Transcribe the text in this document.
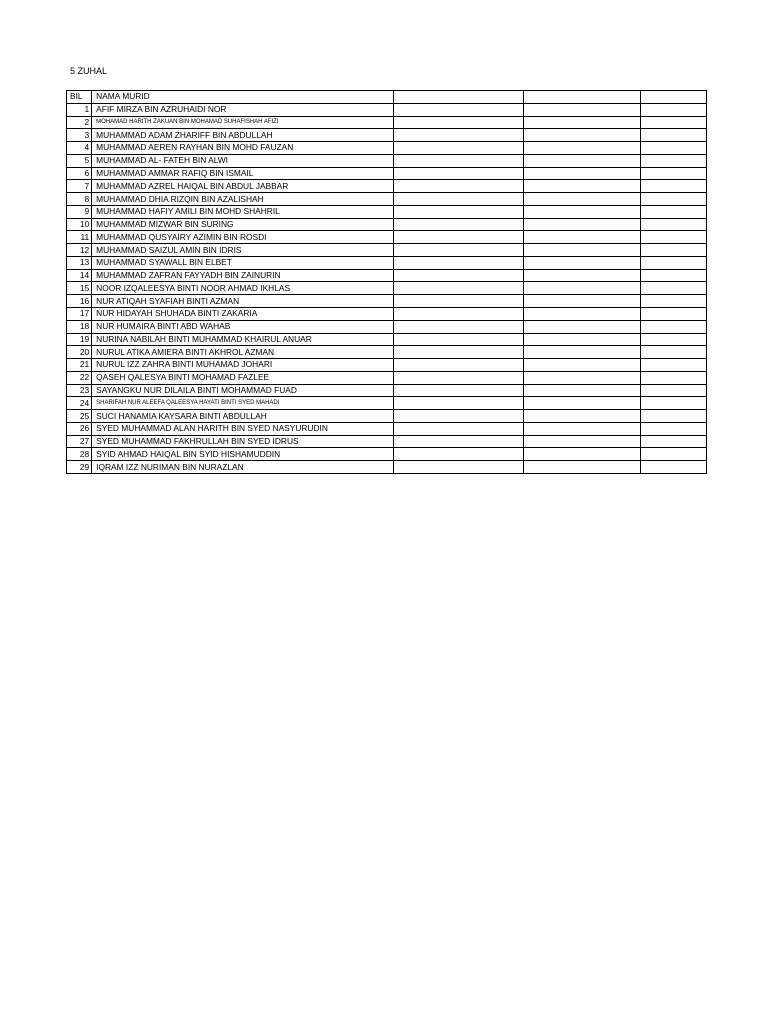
5 ZUHAL
BIL	NAMA MURID			
1	AFIF MIRZA BIN AZRUHAIDI NOR			
2	MOHAMAD HARITH ZAKUAN BIN MOHAMAD SUHAFISHAH AFIZI			
3	MUHAMMAD ADAM ZHARIFF BIN ABDULLAH			
4	MUHAMMAD AEREN RAYHAN BIN MOHD FAUZAN			
5	MUHAMMAD AL- FATEH BIN ALWI			
6	MUHAMMAD AMMAR RAFIQ BIN ISMAIL			
7	MUHAMMAD AZREL HAIQAL BIN ABDUL JABBAR			
8	MUHAMMAD DHIA RIZQIN BIN AZALISHAH			
9	MUHAMMAD HAFIY AMILI BIN MOHD SHAHRIL			
10	MUHAMMAD MIZWAR BIN SURING			
11	MUHAMMAD QUSYAIRY AZIMIN BIN ROSDI			
12	MUHAMMAD SAIZUL AMIN BIN IDRIS			
13	MUHAMMAD SYAWALL BIN ELBET			
14	MUHAMMAD ZAFRAN FAYYADH BIN ZAINURIN			
15	NOOR IZQALEESYA BINTI NOOR AHMAD IKHLAS			
16	NUR ATIQAH SYAFIAH BINTI AZMAN			
17	NUR HIDAYAH SHUHADA BINTI ZAKARIA			
18	NUR HUMAIRA BINTI ABD WAHAB			
19	NURINA NABILAH BINTI MUHAMMAD KHAIRUL ANUAR			
20	NURUL ATIKA AMIERA BINTI AKHROL AZMAN			
21	NURUL IZZ ZAHRA BINTI MUHAMAD JOHARI			
22	QASEH QALESYA BINTI MOHAMAD FAZLEE			
23	SAYANGKU NUR DILAILA BINTI MOHAMMAD FUAD			
24	SHARIFAH NUR ALEEFA QALEESYA HAYATI BINTI SYED MAHADI			
25	SUCI HANAMIA KAYSARA BINTI ABDULLAH			
26	SYED MUHAMMAD ALAN HARITH BIN SYED NASYURUDIN			
27	SYED MUHAMMAD FAKHRULLAH BIN SYED IDRUS			
28	SYID AHMAD HAIQAL BIN SYID HISHAMUDDIN			
29	IQRAM IZZ NURIMAN BIN NURAZLAN			
